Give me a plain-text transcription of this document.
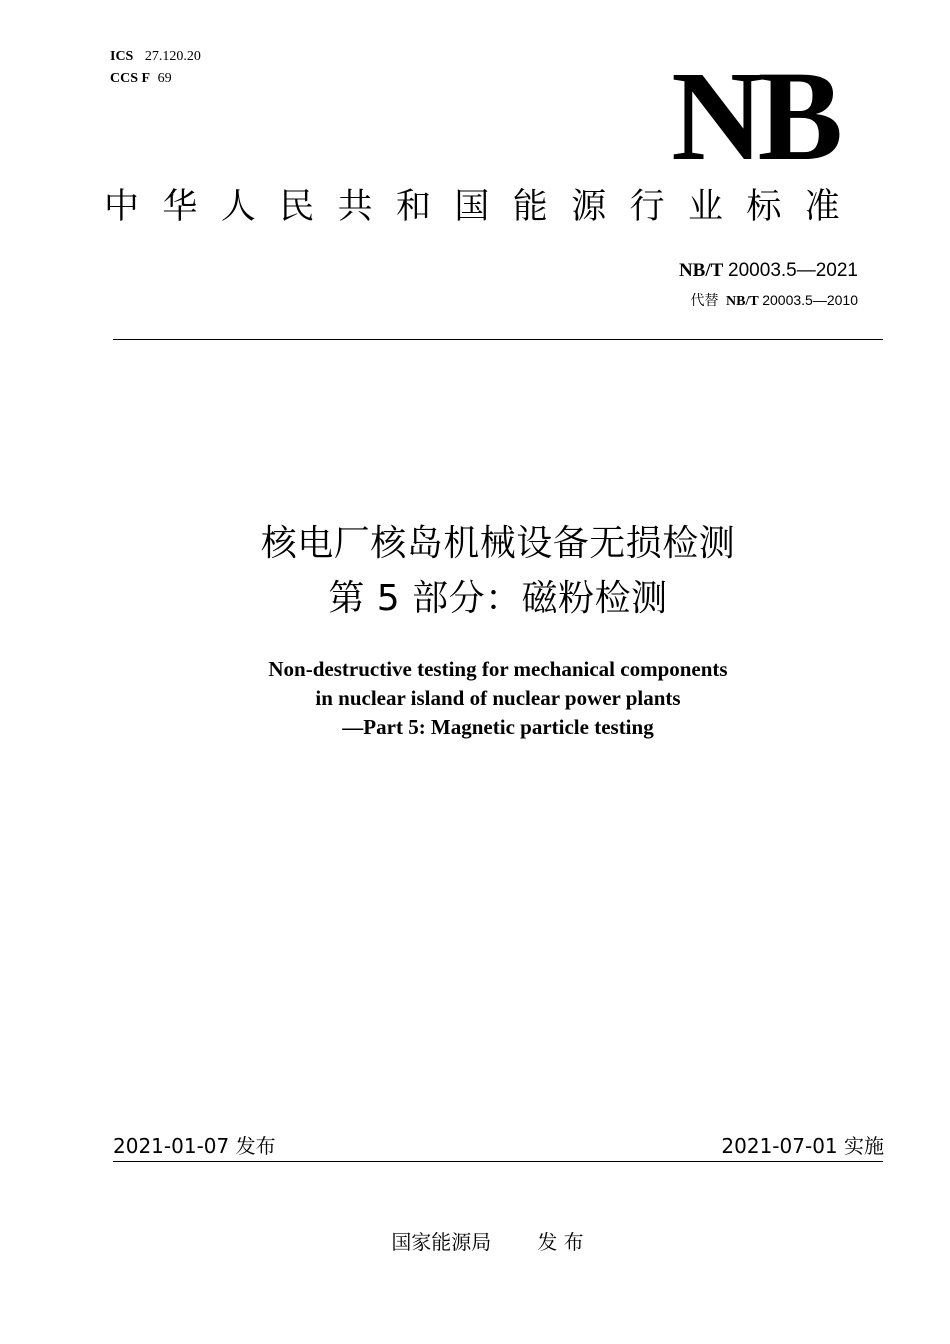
ICS 27.120.20
CCS F 69	NB
中华人民共和国能源行业标准
NB/T 20003.5—2021
代替 NB/T 20003.5—2010
核电厂核岛机械设备无损检测
第 5 部分：磁粉检测
Non-destructive testing for mechanical components
in nuclear island of nuclear power plants
—Part 5: Magnetic particle testing
2021-01-07 发布	2021-07-01 实施
国家能源局 发 布
